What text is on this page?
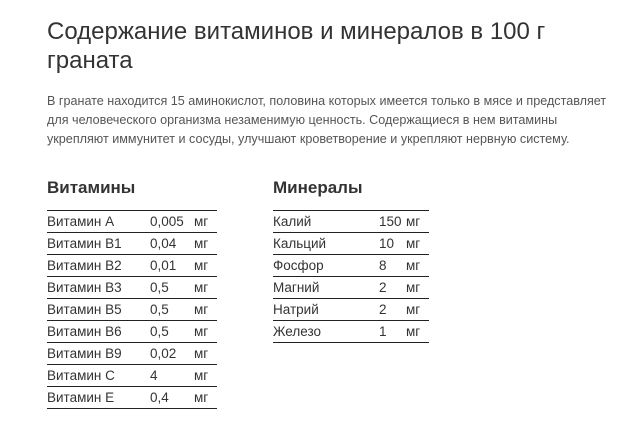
Содержание витаминов и минералов в 100 г граната

В гранате находится 15 аминокислот, половина которых имеется только в мясе и представляет для человеческого организма незаменимую ценность. Содержащиеся в нем витамины укрепляют иммунитет и сосуды, улучшают кроветворение и укрепляют нервную систему.

Витамины	Минералы
Витамин А	0,005	мг
Витамин В1	0,04	мг
Витамин В2	0,01	мг
Витамин В3	0,5	мг
Витамин В5	0,5	мг
Витамин В6	0,5	мг
Витамин В9	0,02	мг
Витамин С	4	мг
Витамин Е	0,4	мг
Калий	150	мг
Кальций	10	мг
Фосфор	8	мг
Магний	2	мг
Натрий	2	мг
Железо	1	мг
